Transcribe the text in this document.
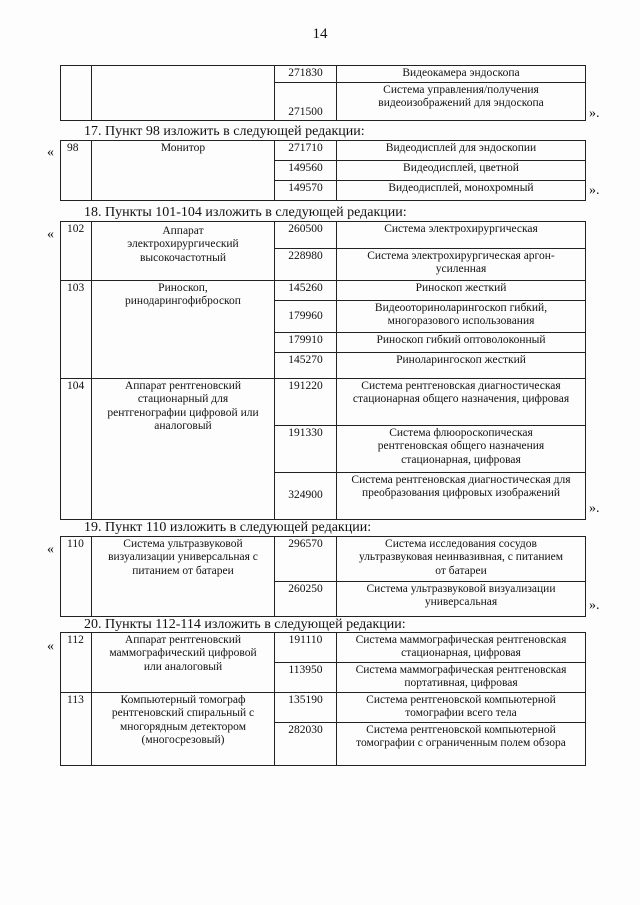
14
		271830	Видеокамера эндоскопа
		271500	Система управления/получения видеоизображений для эндоскопа
».
17. Пункт 98 изложить в следующей редакции:
« 98	Монитор	271710	Видеодисплей для эндоскопии
		149560	Видеодисплей, цветной
		149570	Видеодисплей, монохромный	».
18. Пункты 101-104 изложить в следующей редакции:
« 102	Аппарат электрохирургический высокочастотный	260500	Система электрохирургическая
		228980	Система электрохирургическая аргон-усиленная
103	Риноскоп, ринодарингофиброскоп	145260	Риноскоп жесткий
		179960	Видеооториноларингоскоп гибкий, многоразового использования
		179910	Риноскоп гибкий оптоволоконный
		145270	Риноларингоскоп жесткий
104	Аппарат рентгеновский стационарный для рентгенографии цифровой или аналоговый	191220	Система рентгеновская диагностическая стационарная общего назначения, цифровая
		191330	Система флюороскопическая рентгеновская общего назначения стационарная, цифровая
		324900	Система рентгеновская диагностическая для преобразования цифровых изображений
».
19. Пункт 110 изложить в следующей редакции:
« 110	Система ультразвуковой визуализации универсальная с питанием от батареи	296570	Система исследования сосудов ультразвуковая неинвазивная, с питанием от батареи
		260250	Система ультразвуковой визуализации универсальная	».
20. Пункты 112-114 изложить в следующей редакции:
« 112	Аппарат рентгеновский маммографический цифровой или аналоговый	191110	Система маммографическая рентгеновская стационарная, цифровая
		113950	Система маммографическая рентгеновская портативная, цифровая
113	Компьютерный томограф рентгеновский спиральный с многорядным детектором (многосрезовый)	135190	Система рентгеновской компьютерной томографии всего тела
		282030	Система рентгеновской компьютерной томографии с ограниченным полем обзора
